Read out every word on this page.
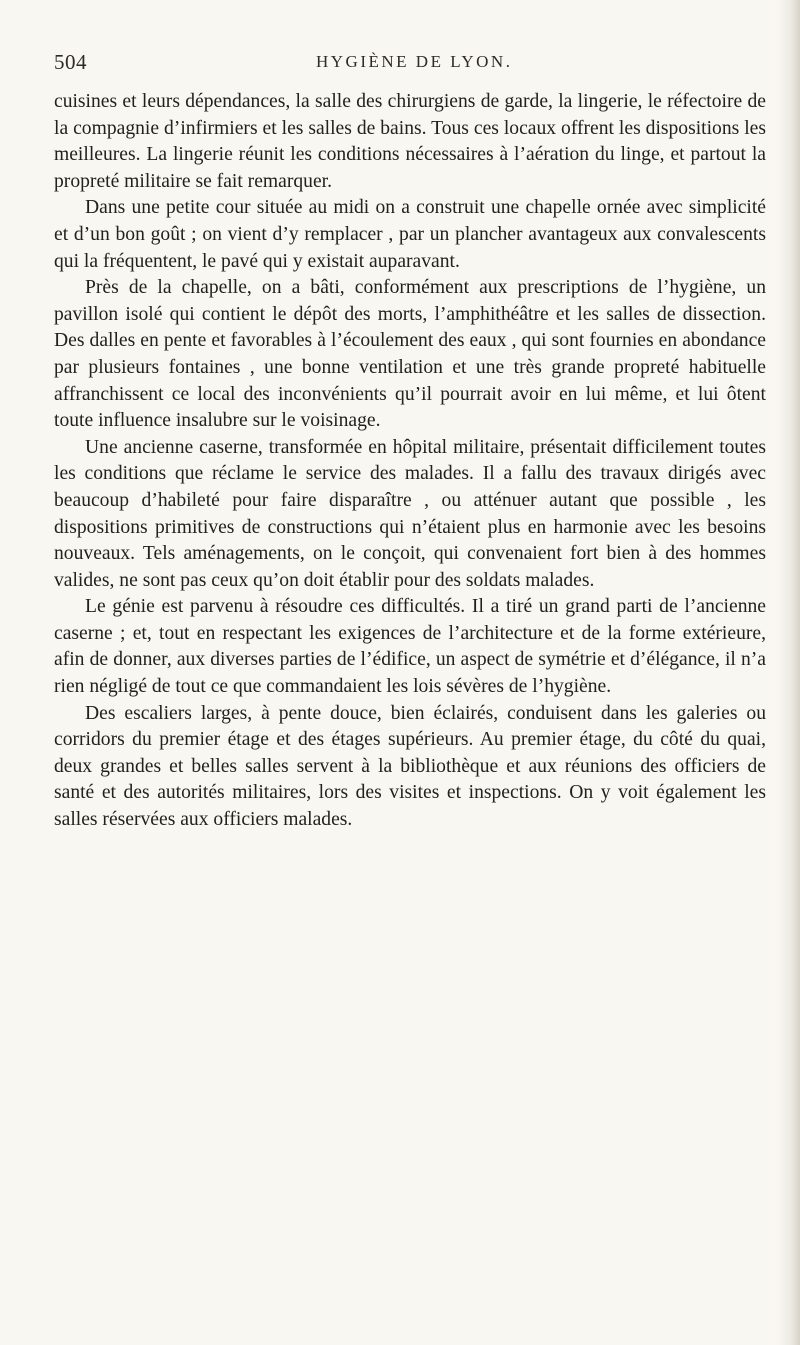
504	HYGIÈNE DE LYON.

cuisines et leurs dépendances, la salle des chirurgiens de garde, la lingerie, le réfectoire de la compagnie d’infirmiers et les salles de bains. Tous ces locaux offrent les dispositions les meilleures. La lingerie réunit les conditions nécessaires à l’aération du linge, et partout la propreté militaire se fait remarquer.

Dans une petite cour située au midi on a construit une chapelle ornée avec simplicité et d’un bon goût ; on vient d’y remplacer , par un plancher avantageux aux convalescents qui la fréquentent, le pavé qui y existait auparavant.

Près de la chapelle, on a bâti, conformément aux prescriptions de l’hygiène, un pavillon isolé qui contient le dépôt des morts, l’amphithéâtre et les salles de dissection. Des dalles en pente et favorables à l’écoulement des eaux , qui sont fournies en abondance par plusieurs fontaines , une bonne ventilation et une très grande propreté habituelle affranchissent ce local des inconvénients qu’il pourrait avoir en lui même, et lui ôtent toute influence insalubre sur le voisinage.

Une ancienne caserne, transformée en hôpital militaire, présentait difficilement toutes les conditions que réclame le service des malades. Il a fallu des travaux dirigés avec beaucoup d’habileté pour faire disparaître , ou atténuer autant que possible , les dispositions primitives de constructions qui n’étaient plus en harmonie avec les besoins nouveaux. Tels aménagements, on le conçoit, qui convenaient fort bien à des hommes valides, ne sont pas ceux qu’on doit établir pour des soldats malades.

Le génie est parvenu à résoudre ces difficultés. Il a tiré un grand parti de l’ancienne caserne ; et, tout en respectant les exigences de l’architecture et de la forme extérieure, afin de donner, aux diverses parties de l’édifice, un aspect de symétrie et d’élégance, il n’a rien négligé de tout ce que commandaient les lois sévères de l’hygiène.

Des escaliers larges, à pente douce, bien éclairés, conduisent dans les galeries ou corridors du premier étage et des étages supérieurs. Au premier étage, du côté du quai, deux grandes et belles salles servent à la bibliothèque et aux réunions des officiers de santé et des autorités militaires, lors des visites et inspections. On y voit également les salles réservées aux officiers malades.
